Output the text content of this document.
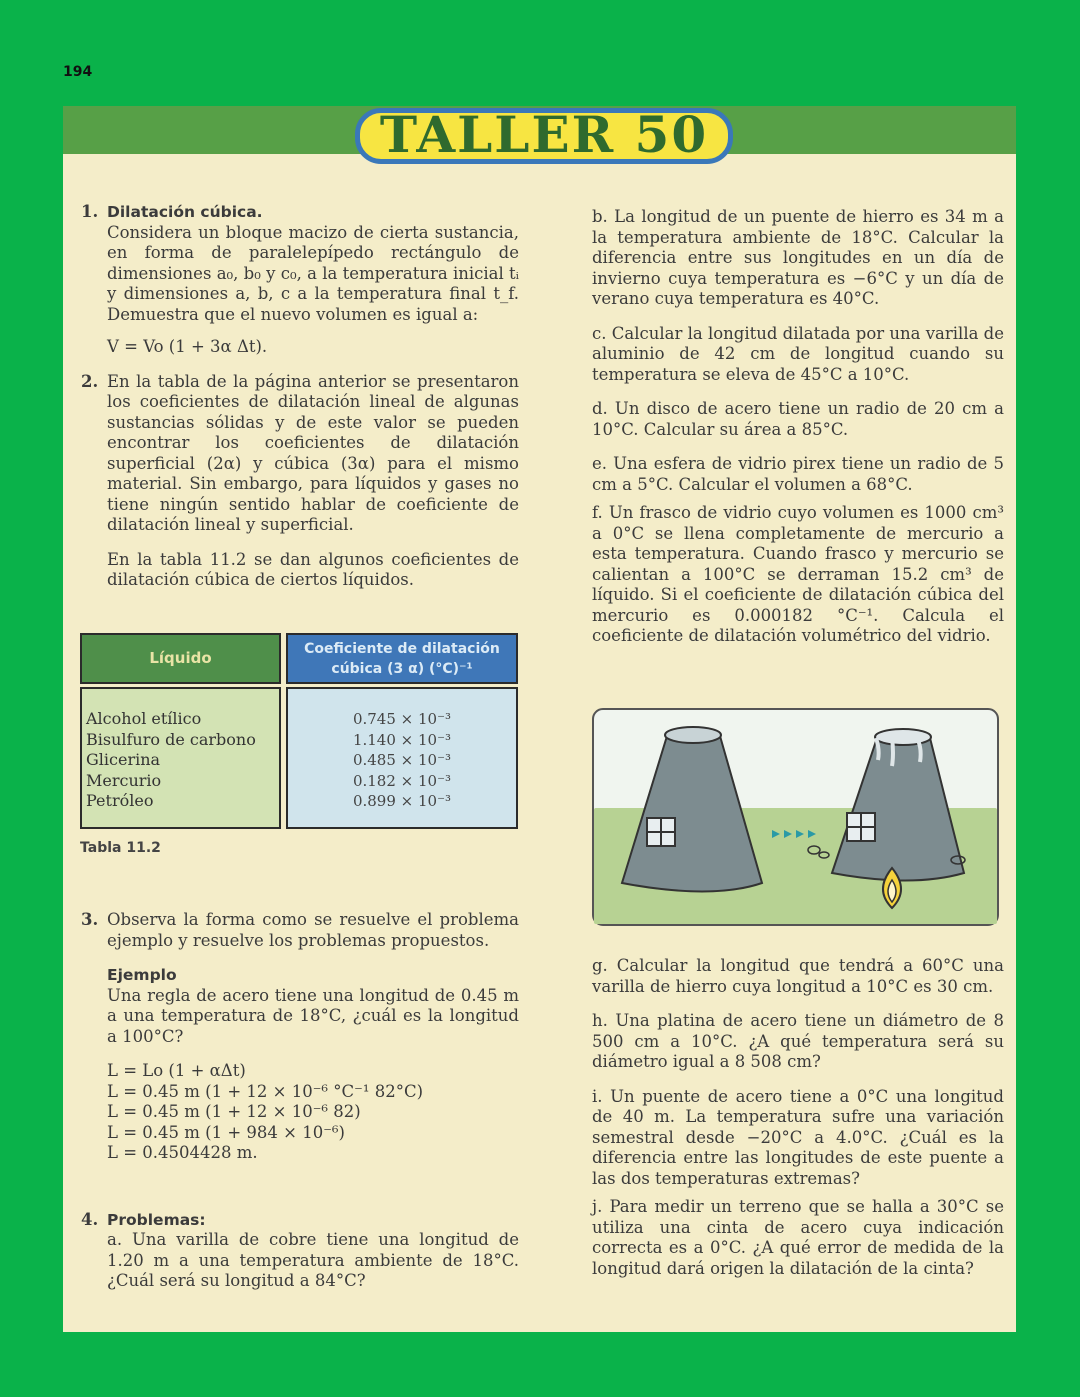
194
TALLER 50
1. Dilatación cúbica.

Considera un bloque macizo de cierta sustancia, en forma de paralelepípedo rectángulo de dimensiones a₀, b₀ y c₀, a la temperatura inicial tᵢ y dimensiones a, b, c a la temperatura final t_f. Demuestra que el nuevo volumen es igual a:

V = Vo (1 + 3α Δt).
2. En la tabla de la página anterior se presentaron los coeficientes de dilatación lineal de algunas sustancias sólidas y de este valor se pueden encontrar los coeficientes de dilatación superficial (2α) y cúbica (3α) para el mismo material. Sin embargo, para líquidos y gases no tiene ningún sentido hablar de coeficiente de dilatación lineal y superficial.

En la tabla 11.2 se dan algunos coeficientes de dilatación cúbica de ciertos líquidos.

Líquido	Coeficiente de dilatación
cúbica (3 α) (°C)⁻¹
Alcohol etílico
Bisulfuro de carbono
Glicerina
Mercurio
Petróleo
0.745 × 10⁻³
1.140 × 10⁻³
0.485 × 10⁻³
0.182 × 10⁻³
0.899 × 10⁻³
Tabla 11.2
3. Observa la forma como se resuelve el problema ejemplo y resuelve los problemas propuestos.

Ejemplo

Una regla de acero tiene una longitud de 0.45 m a una temperatura de 18°C, ¿cuál es la longitud a 100°C?

L = Lo (1 + αΔt)
L = 0.45 m (1 + 12 × 10⁻⁶ °C⁻¹ 82°C)
L = 0.45 m (1 + 12 × 10⁻⁶ 82)
L = 0.45 m (1 + 984 × 10⁻⁶)
L = 0.4504428 m.
4. Problemas:

a. Una varilla de cobre tiene una longitud de 1.20 m a una temperatura ambiente de 18°C. ¿Cuál será su longitud a 84°C?

b. La longitud de un puente de hierro es 34 m a la temperatura ambiente de 18°C. Calcular la diferencia entre sus longitudes en un día de invierno cuya temperatura es −6°C y un día de verano cuya temperatura es 40°C.

c. Calcular la longitud dilatada por una varilla de aluminio de 42 cm de longitud cuando su temperatura se eleva de 45°C a 10°C.

d. Un disco de acero tiene un radio de 20 cm a 10°C. Calcular su área a 85°C.

e. Una esfera de vidrio pirex tiene un radio de 5 cm a 5°C. Calcular el volumen a 68°C.

f. Un frasco de vidrio cuyo volumen es 1000 cm³ a 0°C se llena completamente de mercurio a esta temperatura. Cuando frasco y mercurio se calientan a 100°C se derraman 15.2 cm³ de líquido. Si el coeficiente de dilatación cúbica del mercurio es 0.000182 °C⁻¹. Calcula el coeficiente de dilatación volumétrico del vidrio.

g. Calcular la longitud que tendrá a 60°C una varilla de hierro cuya longitud a 10°C es 30 cm.

h. Una platina de acero tiene un diámetro de 8 500 cm a 10°C. ¿A qué temperatura será su diámetro igual a 8 508 cm?

i. Un puente de acero tiene a 0°C una longitud de 40 m. La temperatura sufre una variación semestral desde −20°C a 4.0°C. ¿Cuál es la diferencia entre las longitudes de este puente a las dos temperaturas extremas?

j. Para medir un terreno que se halla a 30°C se utiliza una cinta de acero cuya indicación correcta es a 0°C. ¿A qué error de medida de la longitud dará origen la dilatación de la cinta?
